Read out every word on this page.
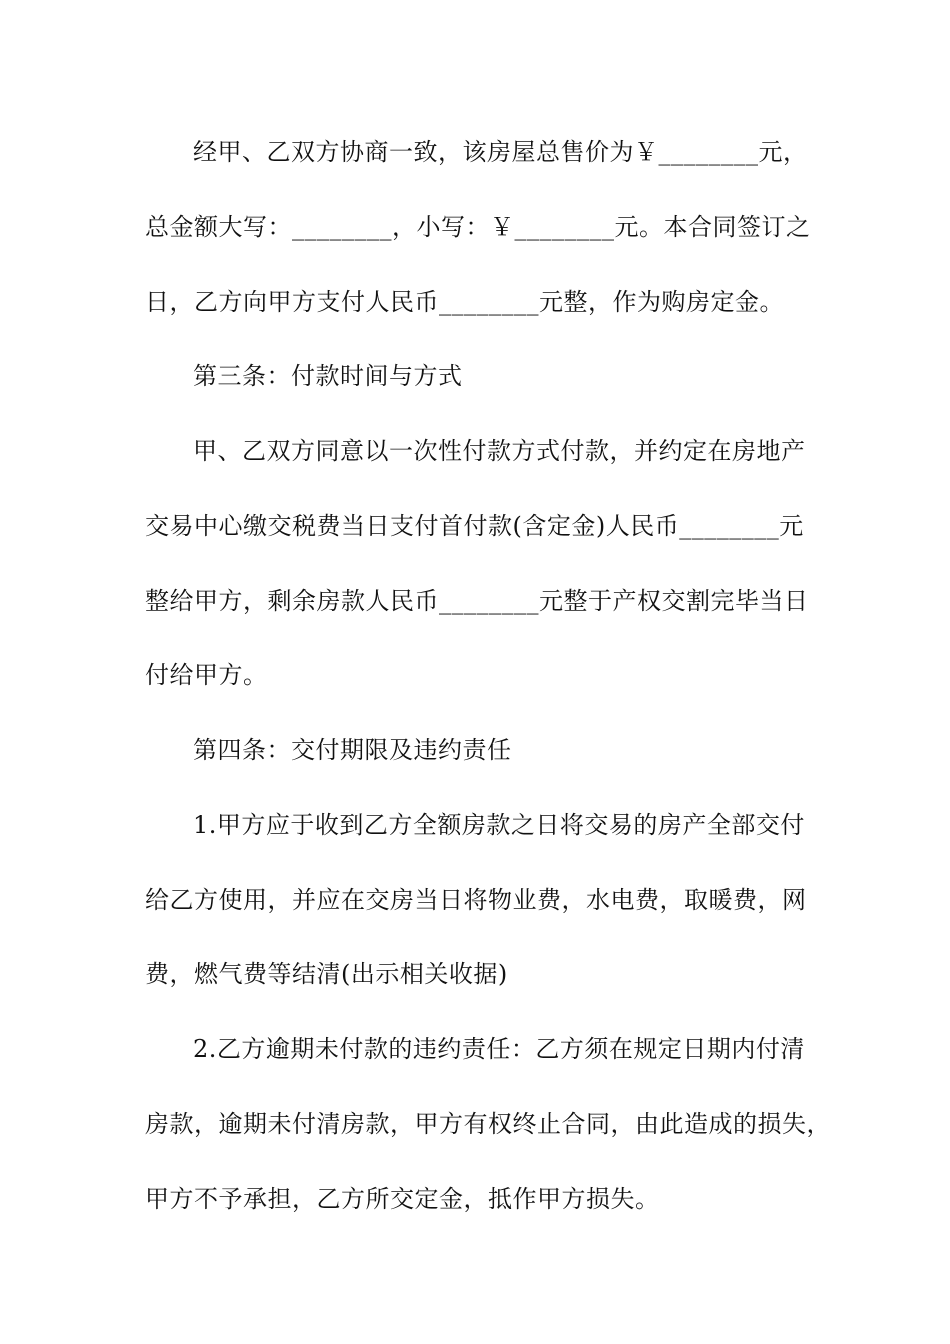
经甲、乙双方协商一致，该房屋总售价为￥________元，
总金额大写：________，小写：￥________元。本合同签订之
日，乙方向甲方支付人民币________元整，作为购房定金。
第三条：付款时间与方式
甲、乙双方同意以一次性付款方式付款，并约定在房地产
交易中心缴交税费当日支付首付款(含定金)人民币________元
整给甲方，剩余房款人民币________元整于产权交割完毕当日
付给甲方。
第四条：交付期限及违约责任
1.甲方应于收到乙方全额房款之日将交易的房产全部交付
给乙方使用，并应在交房当日将物业费，水电费，取暖费，网
费，燃气费等结清(出示相关收据)
2.乙方逾期未付款的违约责任：乙方须在规定日期内付清
房款，逾期未付清房款，甲方有权终止合同，由此造成的损失，
甲方不予承担，乙方所交定金，抵作甲方损失。
